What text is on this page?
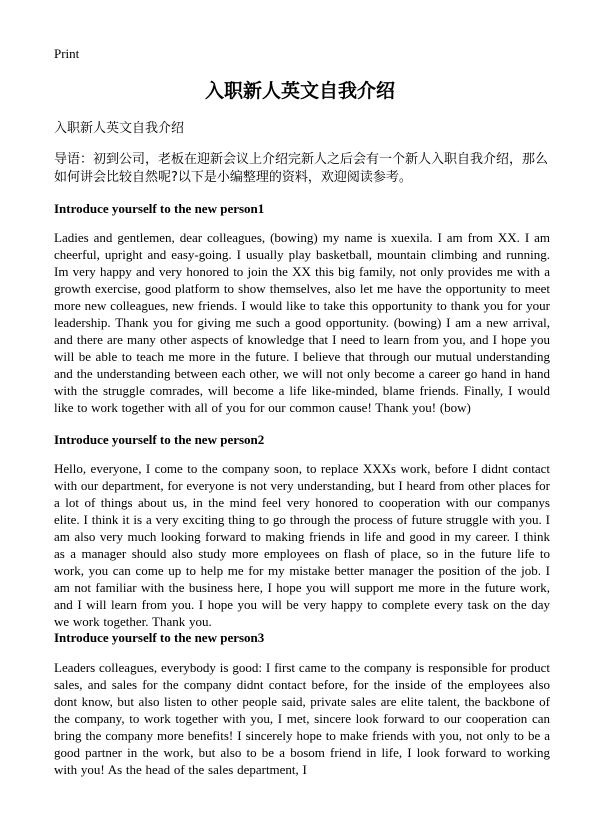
Print
入职新人英文自我介绍
入职新人英文自我介绍

导语：初到公司，老板在迎新会议上介绍完新人之后会有一个新人入职自我介绍，那么如何讲会比较自然呢?以下是小编整理的资料，欢迎阅读参考。

Introduce yourself to the new person1

Ladies and gentlemen, dear colleagues, (bowing) my name is xuexila. I am from XX. I am cheerful, upright and easy-going. I usually play basketball, mountain climbing and running. Im very happy and very honored to join the XX this big family, not only provides me with a growth exercise, good platform to show themselves, also let me have the opportunity to meet more new colleagues, new friends. I would like to take this opportunity to thank you for your leadership. Thank you for giving me such a good opportunity. (bowing) I am a new arrival, and there are many other aspects of knowledge that I need to learn from you, and I hope you will be able to teach me more in the future. I believe that through our mutual understanding and the understanding between each other, we will not only become a career go hand in hand with the struggle comrades, will become a life like-minded, blame friends. Finally, I would like to work together with all of you for our common cause! Thank you! (bow)

Introduce yourself to the new person2

Hello, everyone, I come to the company soon, to replace XXXs work, before I didnt contact with our department, for everyone is not very understanding, but I heard from other places for a lot of things about us, in the mind feel very honored to cooperation with our companys elite. I think it is a very exciting thing to go through the process of future struggle with you. I am also very much looking forward to making friends in life and good in my career. I think as a manager should also study more employees on flash of place, so in the future life to work, you can come up to help me for my mistake better manager the position of the job. I am not familiar with the business here, I hope you will support me more in the future work, and I will learn from you. I hope you will be very happy to complete every task on the day we work together. Thank you.

Introduce yourself to the new person3

Leaders colleagues, everybody is good: I first came to the company is responsible for product sales, and sales for the company didnt contact before, for the inside of the employees also dont know, but also listen to other people said, private sales are elite talent, the backbone of the company, to work together with you, I met, sincere look forward to our cooperation can bring the company more benefits! I sincerely hope to make friends with you, not only to be a good partner in the work, but also to be a bosom friend in life, I look forward to working with you! As the head of the sales department, I
